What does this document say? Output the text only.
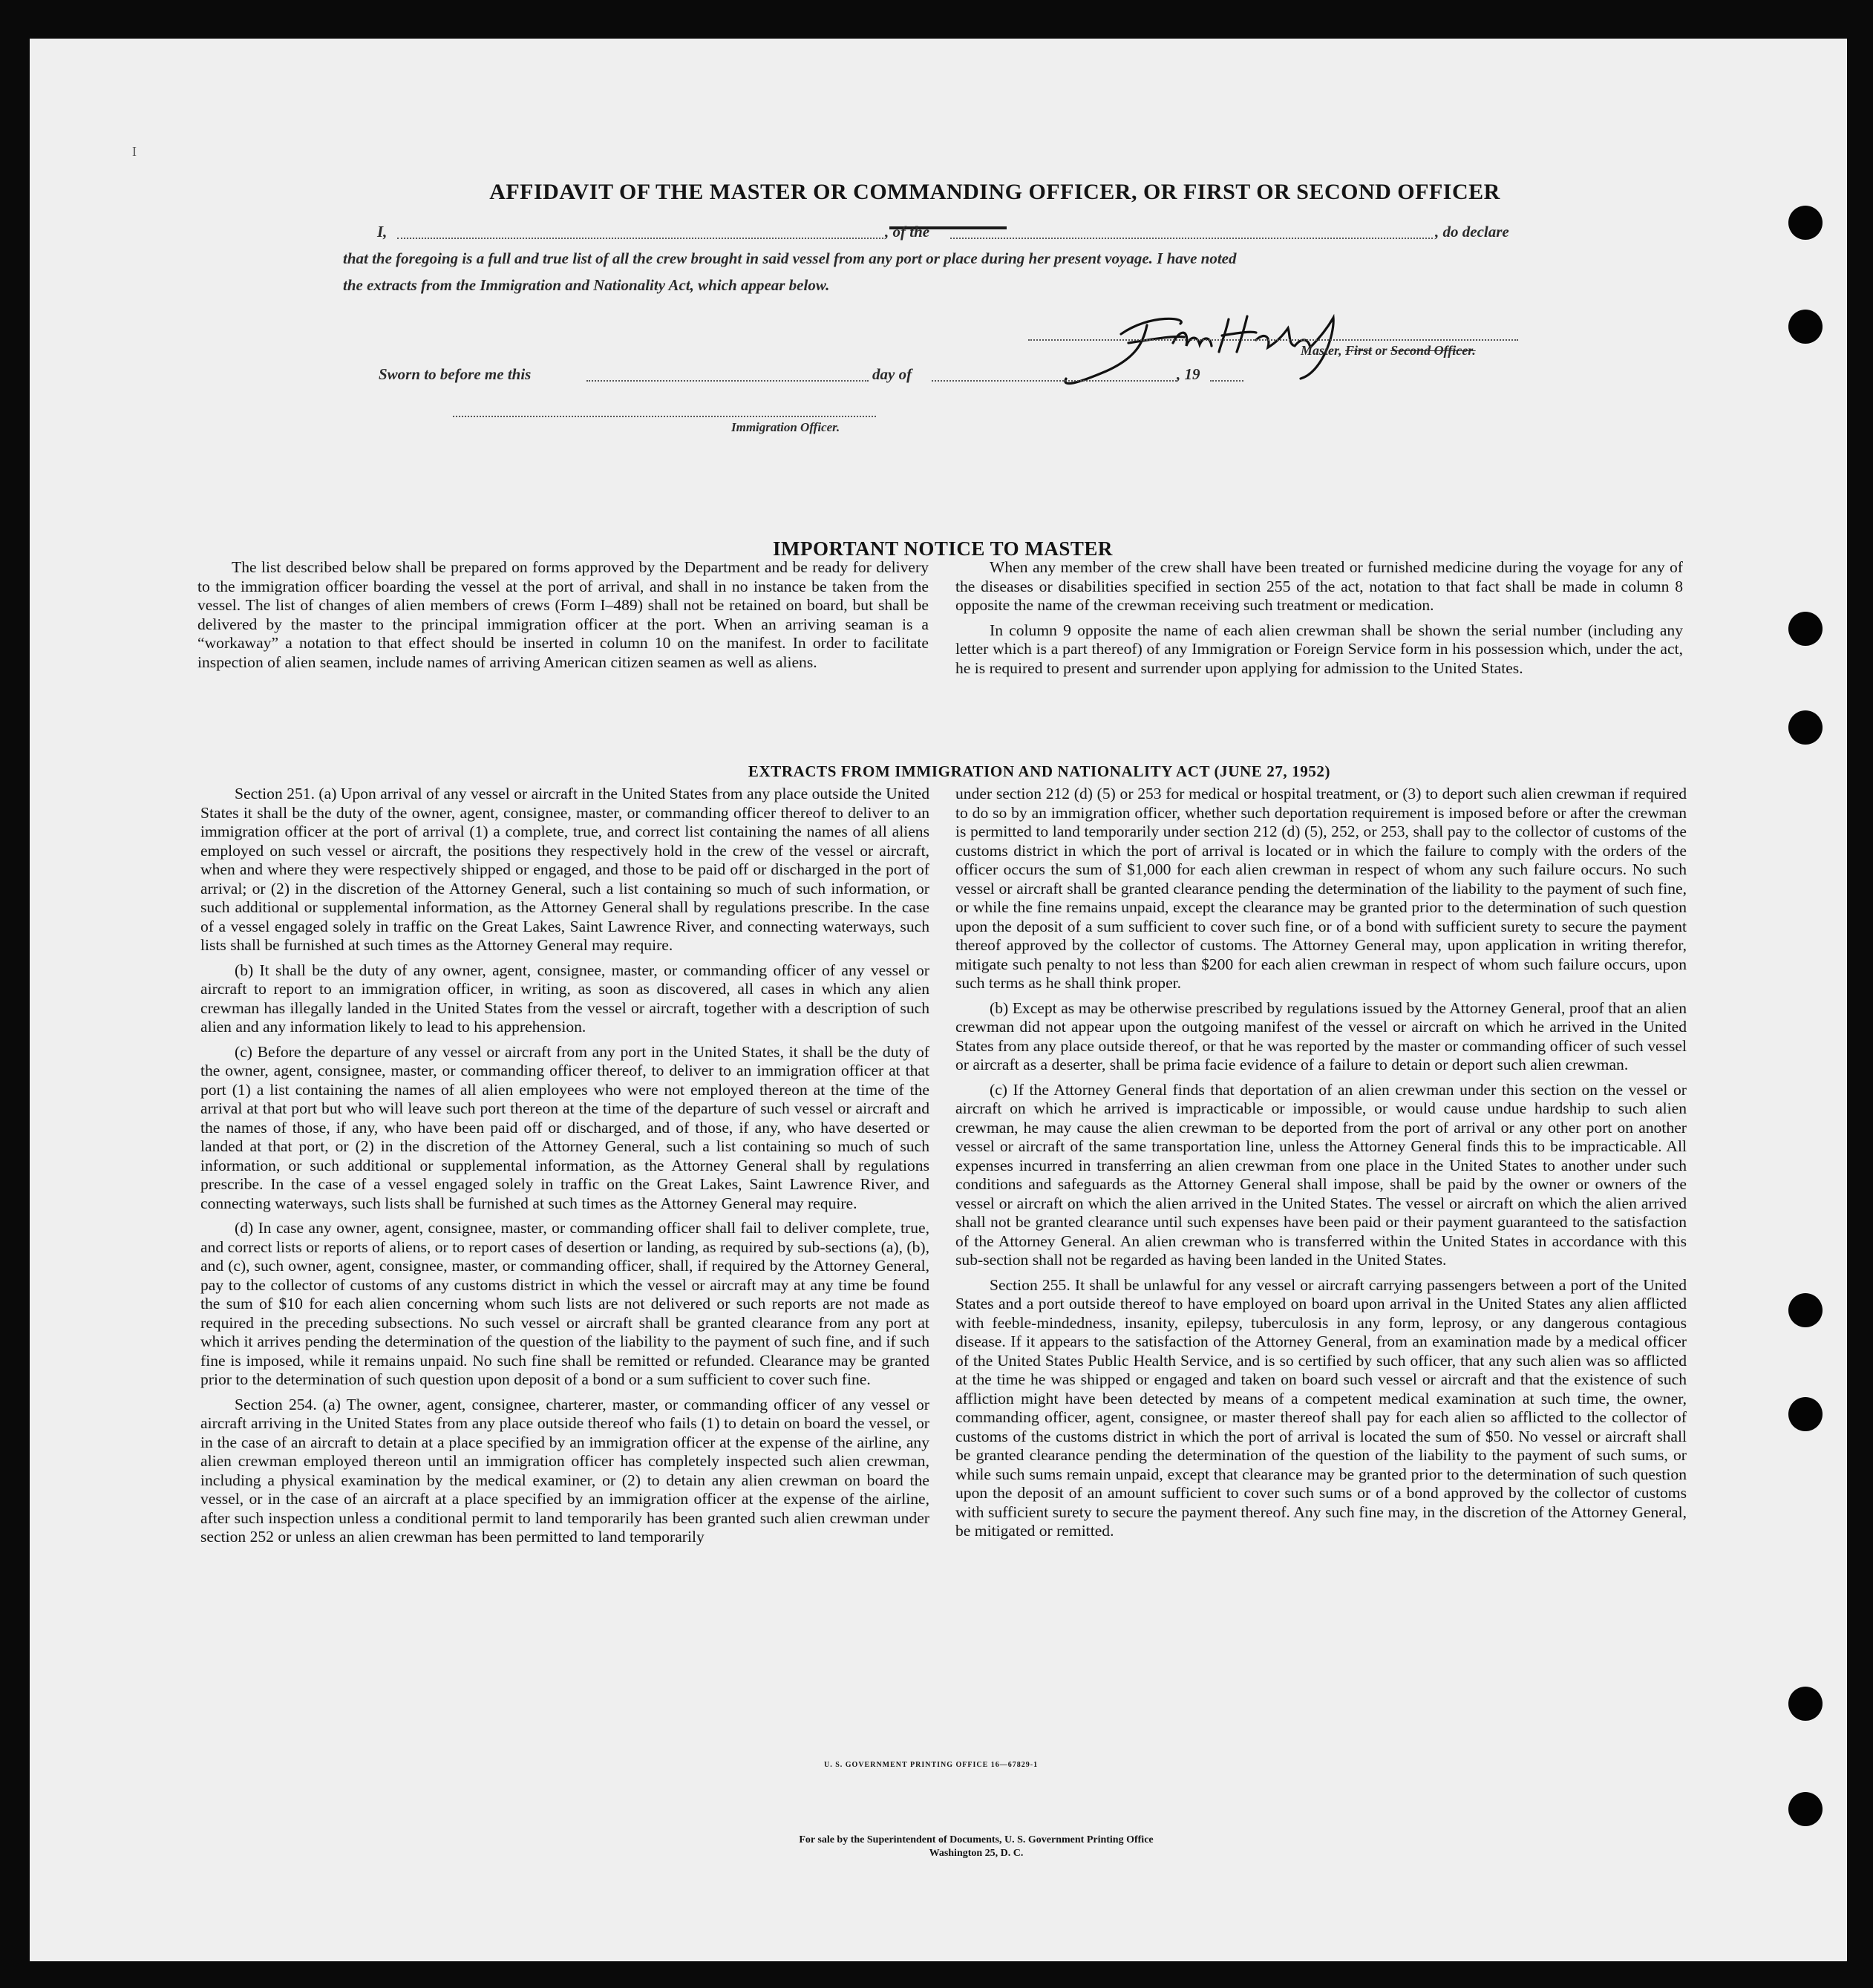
I
AFFIDAVIT OF THE MASTER OR COMMANDING OFFICER, OR FIRST OR SECOND OFFICER
I,	, of the	, do declare
that the foregoing is a full and true list of all the crew brought in said vessel from any port or place during her present voyage. I have noted
the extracts from the Immigration and Nationality Act, which appear below.
Master, First or Second Officer.
Sworn to before me this	day of	, 19
Immigration Officer.
IMPORTANT NOTICE TO MASTER

The list described below shall be prepared on forms approved by the Department and be ready for delivery to the immigration officer boarding the vessel at the port of arrival, and shall in no instance be taken from the vessel. The list of changes of alien members of crews (Form I–489) shall not be retained on board, but shall be delivered by the master to the principal immigration officer at the port. When an arriving seaman is a “workaway” a notation to that effect should be inserted in column 10 on the manifest. In order to facilitate inspection of alien seamen, include names of arriving American citizen seamen as well as aliens.

When any member of the crew shall have been treated or furnished medicine during the voyage for any of the diseases or disabilities specified in section 255 of the act, notation to that fact shall be made in column 8 opposite the name of the crewman receiving such treatment or medication.

In column 9 opposite the name of each alien crewman shall be shown the serial number (including any letter which is a part thereof) of any Immigration or Foreign Service form in his possession which, under the act, he is required to present and surrender upon applying for admission to the United States.

EXTRACTS FROM IMMIGRATION AND NATIONALITY ACT (JUNE 27, 1952)

Section 251. (a) Upon arrival of any vessel or aircraft in the United States from any place outside the United States it shall be the duty of the owner, agent, consignee, master, or commanding officer thereof to deliver to an immigration officer at the port of arrival (1) a complete, true, and correct list containing the names of all aliens employed on such vessel or aircraft, the positions they respectively hold in the crew of the vessel or aircraft, when and where they were respectively shipped or engaged, and those to be paid off or discharged in the port of arrival; or (2) in the discretion of the Attorney General, such a list containing so much of such information, or such additional or supplemental information, as the Attorney General shall by regulations prescribe. In the case of a vessel engaged solely in traffic on the Great Lakes, Saint Lawrence River, and connecting waterways, such lists shall be furnished at such times as the Attorney General may require.

(b) It shall be the duty of any owner, agent, consignee, master, or commanding officer of any vessel or aircraft to report to an immigration officer, in writing, as soon as discovered, all cases in which any alien crewman has illegally landed in the United States from the vessel or aircraft, together with a description of such alien and any information likely to lead to his apprehension.

(c) Before the departure of any vessel or aircraft from any port in the United States, it shall be the duty of the owner, agent, consignee, master, or commanding officer thereof, to deliver to an immigration officer at that port (1) a list containing the names of all alien employees who were not employed thereon at the time of the arrival at that port but who will leave such port thereon at the time of the departure of such vessel or aircraft and the names of those, if any, who have been paid off or discharged, and of those, if any, who have deserted or landed at that port, or (2) in the discretion of the Attorney General, such a list containing so much of such information, or such additional or supplemental information, as the Attorney General shall by regulations prescribe. In the case of a vessel engaged solely in traffic on the Great Lakes, Saint Lawrence River, and connecting waterways, such lists shall be furnished at such times as the Attorney General may require.

(d) In case any owner, agent, consignee, master, or commanding officer shall fail to deliver complete, true, and correct lists or reports of aliens, or to report cases of desertion or landing, as required by sub-sections (a), (b), and (c), such owner, agent, consignee, master, or commanding officer, shall, if required by the Attorney General, pay to the collector of customs of any customs district in which the vessel or aircraft may at any time be found the sum of $10 for each alien concerning whom such lists are not delivered or such reports are not made as required in the preceding subsections. No such vessel or aircraft shall be granted clearance from any port at which it arrives pending the determination of the question of the liability to the payment of such fine, and if such fine is imposed, while it remains unpaid. No such fine shall be remitted or refunded. Clearance may be granted prior to the determination of such question upon deposit of a bond or a sum sufficient to cover such fine.

Section 254. (a) The owner, agent, consignee, charterer, master, or commanding officer of any vessel or aircraft arriving in the United States from any place outside thereof who fails (1) to detain on board the vessel, or in the case of an aircraft to detain at a place specified by an immigration officer at the expense of the airline, any alien crewman employed thereon until an immigration officer has completely inspected such alien crewman, including a physical examination by the medical examiner, or (2) to detain any alien crewman on board the vessel, or in the case of an aircraft at a place specified by an immigration officer at the expense of the airline, after such inspection unless a conditional permit to land temporarily has been granted such alien crewman under section 252 or unless an alien crewman has been permitted to land temporarily

under section 212 (d) (5) or 253 for medical or hospital treatment, or (3) to deport such alien crewman if required to do so by an immigration officer, whether such deportation requirement is imposed before or after the crewman is permitted to land temporarily under section 212 (d) (5), 252, or 253, shall pay to the collector of customs of the customs district in which the port of arrival is located or in which the failure to comply with the orders of the officer occurs the sum of $1,000 for each alien crewman in respect of whom any such failure occurs. No such vessel or aircraft shall be granted clearance pending the determination of the liability to the payment of such fine, or while the fine remains unpaid, except the clearance may be granted prior to the determination of such question upon the deposit of a sum sufficient to cover such fine, or of a bond with sufficient surety to secure the payment thereof approved by the collector of customs. The Attorney General may, upon application in writing therefor, mitigate such penalty to not less than $200 for each alien crewman in respect of whom such failure occurs, upon such terms as he shall think proper.

(b) Except as may be otherwise prescribed by regulations issued by the Attorney General, proof that an alien crewman did not appear upon the outgoing manifest of the vessel or aircraft on which he arrived in the United States from any place outside thereof, or that he was reported by the master or commanding officer of such vessel or aircraft as a deserter, shall be prima facie evidence of a failure to detain or deport such alien crewman.

(c) If the Attorney General finds that deportation of an alien crewman under this section on the vessel or aircraft on which he arrived is impracticable or impossible, or would cause undue hardship to such alien crewman, he may cause the alien crewman to be deported from the port of arrival or any other port on another vessel or aircraft of the same transportation line, unless the Attorney General finds this to be impracticable. All expenses incurred in transferring an alien crewman from one place in the United States to another under such conditions and safeguards as the Attorney General shall impose, shall be paid by the owner or owners of the vessel or aircraft on which the alien arrived in the United States. The vessel or aircraft on which the alien arrived shall not be granted clearance until such expenses have been paid or their payment guaranteed to the satisfaction of the Attorney General. An alien crewman who is transferred within the United States in accordance with this sub-section shall not be regarded as having been landed in the United States.

Section 255. It shall be unlawful for any vessel or aircraft carrying passengers between a port of the United States and a port outside thereof to have employed on board upon arrival in the United States any alien afflicted with feeble-mindedness, insanity, epilepsy, tuberculosis in any form, leprosy, or any dangerous contagious disease. If it appears to the satisfaction of the Attorney General, from an examination made by a medical officer of the United States Public Health Service, and is so certified by such officer, that any such alien was so afflicted at the time he was shipped or engaged and taken on board such vessel or aircraft and that the existence of such affliction might have been detected by means of a competent medical examination at such time, the owner, commanding officer, agent, consignee, or master thereof shall pay for each alien so afflicted to the collector of customs of the customs district in which the port of arrival is located the sum of $50. No vessel or aircraft shall be granted clearance pending the determination of the question of the liability to the payment of such sums, or while such sums remain unpaid, except that clearance may be granted prior to the determination of such question upon the deposit of an amount sufficient to cover such sums or of a bond approved by the collector of customs with sufficient surety to secure the payment thereof. Any such fine may, in the discretion of the Attorney General, be mitigated or remitted.

U. S. GOVERNMENT PRINTING OFFICE 16—67829-1
For sale by the Superintendent of Documents, U. S. Government Printing Office
Washington 25, D. C.
